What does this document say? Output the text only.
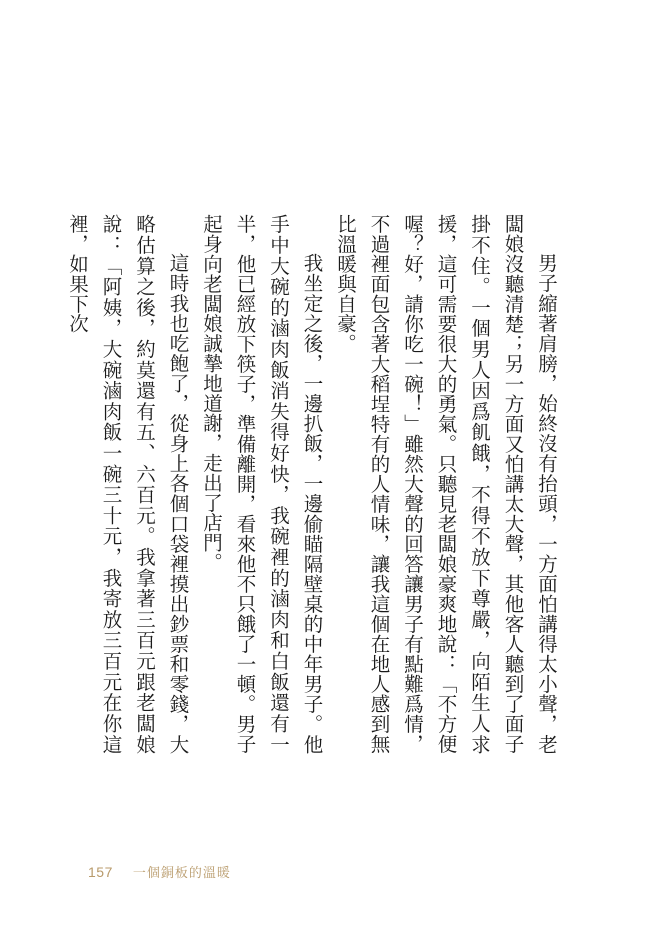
男子縮著肩膀，始終沒有抬頭，一方面怕講得太小聲，老闆娘沒聽清楚；另一方面又怕講太大聲，其他客人聽到了面子掛不住。一個男人因爲飢餓，不得不放下尊嚴，向陌生人求援，這可需要很大的勇氣。只聽見老闆娘豪爽地說：「不方便喔？好，請你吃一碗！」雖然大聲的回答讓男子有點難爲情，不過裡面包含著大稻埕特有的人情味，讓我這個在地人感到無比溫暖與自豪。

我坐定之後，一邊扒飯，一邊偷瞄隔壁桌的中年男子。他手中大碗的滷肉飯消失得好快，我碗裡的滷肉和白飯還有一半，他已經放下筷子，準備離開，看來他不只餓了一頓。男子起身向老闆娘誠摯地道謝，走出了店門。

這時我也吃飽了，從身上各個口袋裡摸出鈔票和零錢，大略估算之後，約莫還有五、六百元。我拿著三百元跟老闆娘說：「阿姨，大碗滷肉飯一碗三十元，我寄放三百元在你這裡，如果下次

157 一個銅板的溫暖
